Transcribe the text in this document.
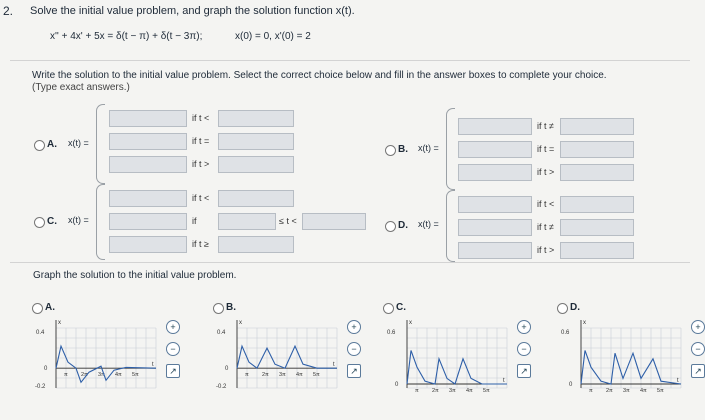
2. Solve the initial value problem, and graph the solution function x(t).
x'' + 4x' + 5x = δ(t − π) + δ(t − 3π);	x(0) = 0, x'(0) = 2
Write the solution to the initial value problem. Select the correct choice below and fill in the answer boxes to complete your choice.
(Type exact answers.)
A. x(t) =
if t <
if t =
if t >
B. x(t) =
if t ≠
if t =
if t >
C. x(t) =
if t <
if
if t ≥
≤ t <	D. x(t) =
if t <
if t ≠
if t >
Graph the solution to the initial value problem.
A.
t
x
0.4
0
-0.2
π 2π 3π 4π 5π
+
−
↗
B.
t
x
0.4
0
-0.2
π 2π 3π 4π 5π
+
−
↗
C.
t
x
0.6
0
π 2π 3π 4π 5π
+
−
↗
D.
t
x
0.6
0
π 2π 3π 4π 5π
+
−
↗
